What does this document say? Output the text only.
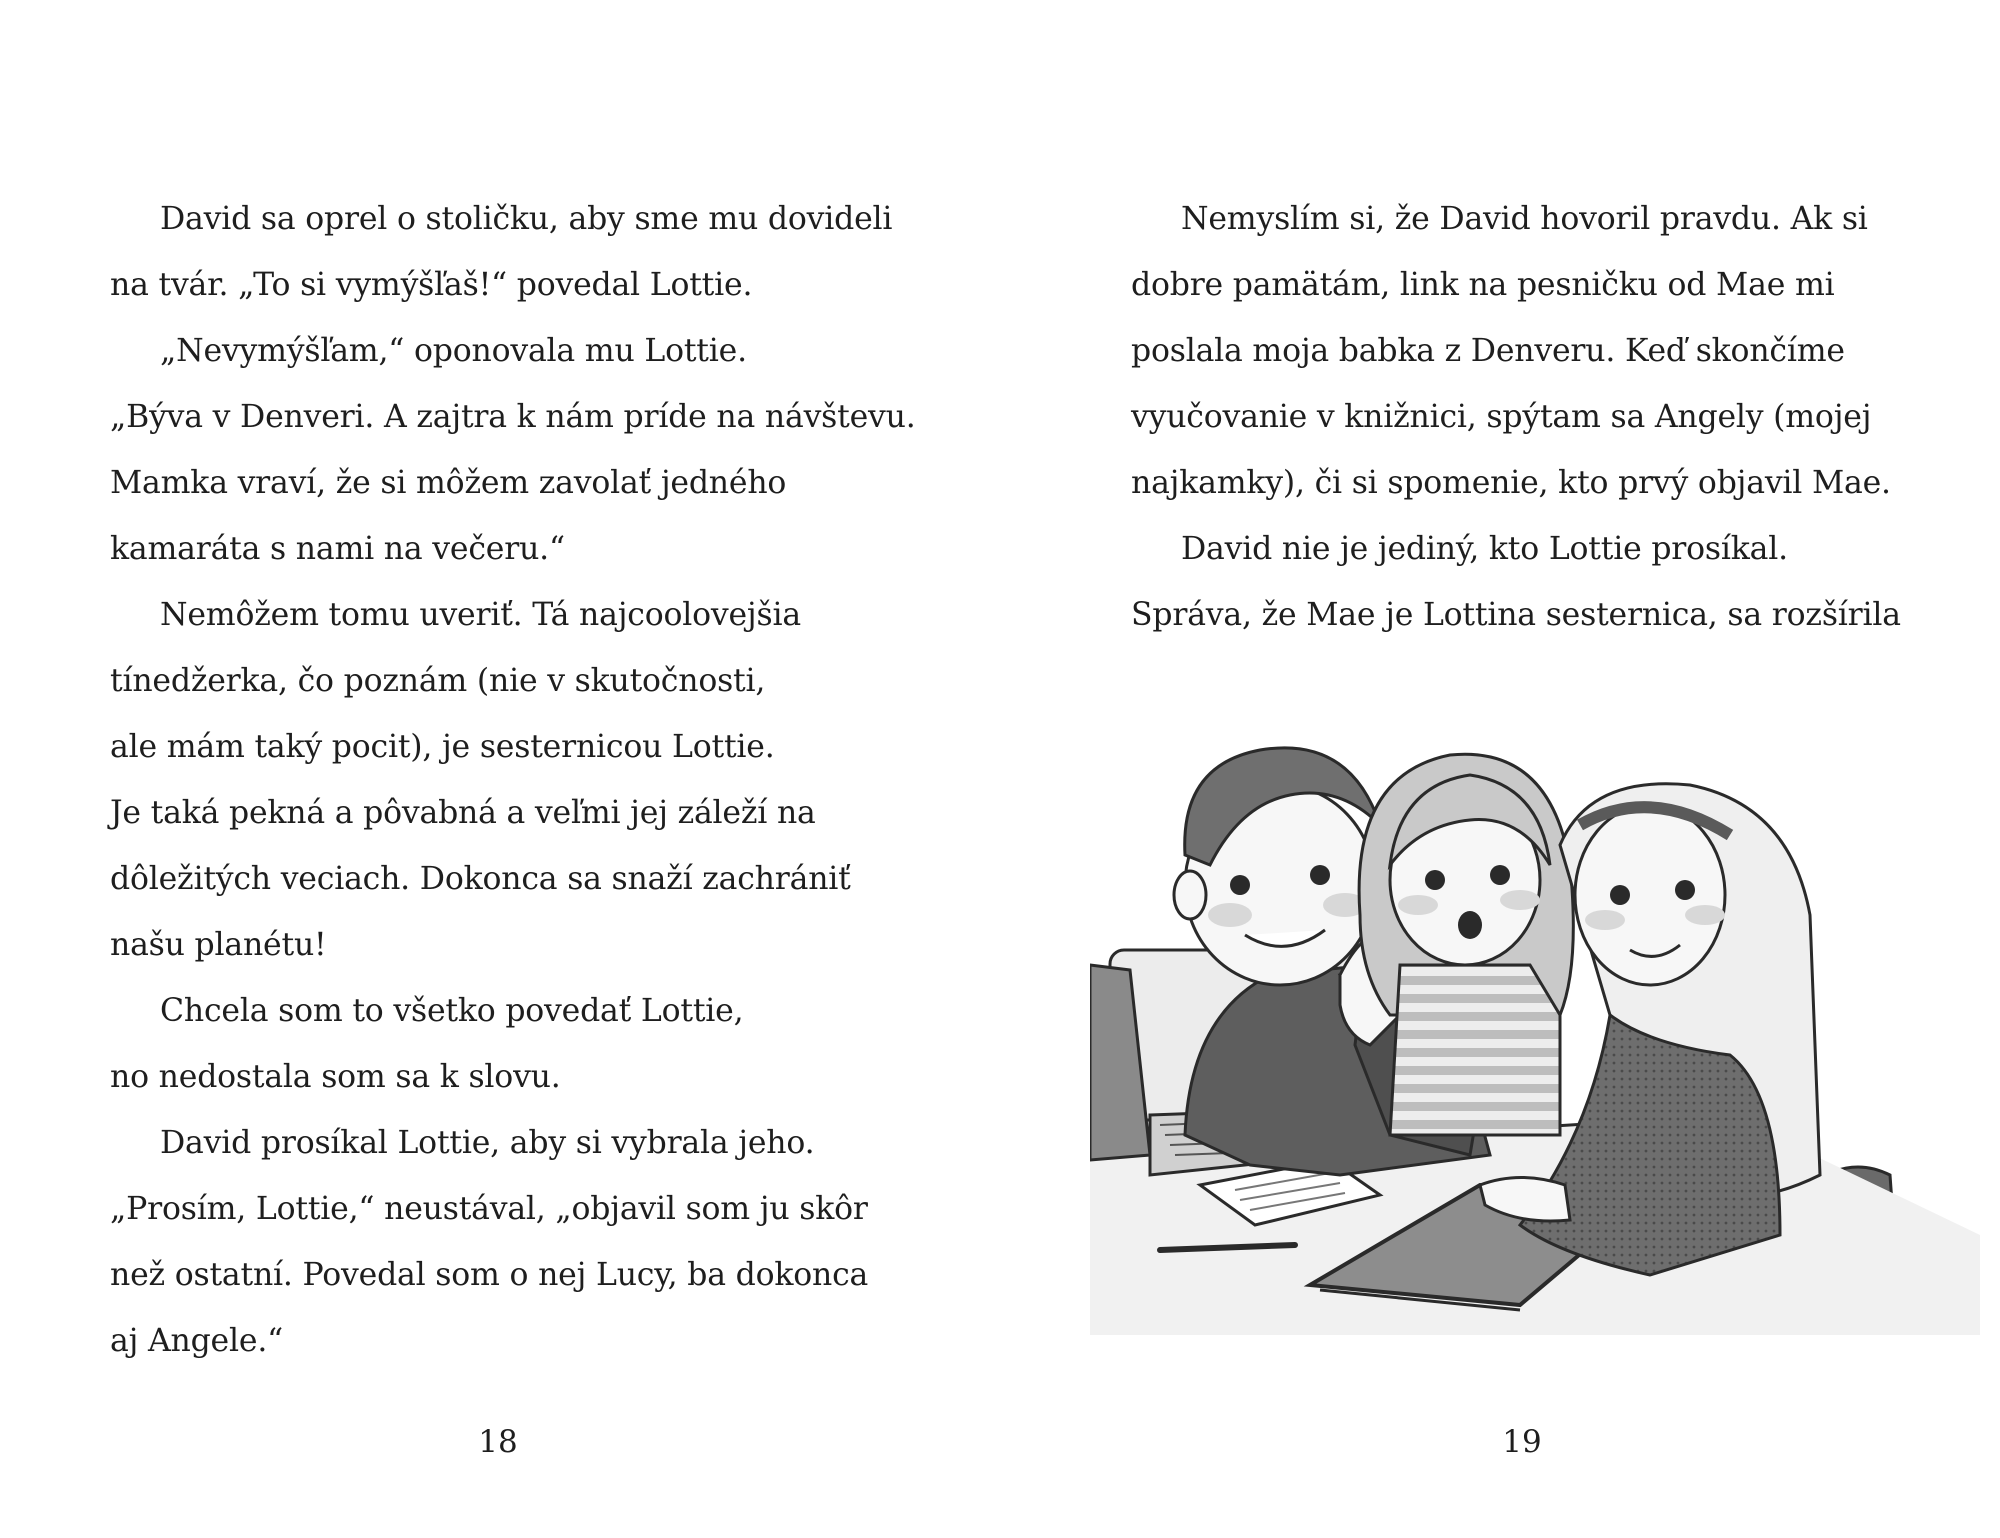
David sa oprel o stoličku, aby sme mu dovideli
na tvár. „To si vymýšľaš!“ povedal Lottie.
„Nevymýšľam,“ oponovala mu Lottie.
„Býva v Denveri. A zajtra k nám príde na návštevu.
Mamka vraví, že si môžem zavolať jedného
kamaráta s nami na večeru.“
Nemôžem tomu uveriť. Tá najcoolovejšia
tínedžerka, čo poznám (nie v skutočnosti,
ale mám taký pocit), je sesternicou Lottie.
Je taká pekná a pôvabná a veľmi jej záleží na
dôležitých veciach. Dokonca sa snaží zachrániť
našu planétu!
Chcela som to všetko povedať Lottie,
no nedostala som sa k slovu.
David prosíkal Lottie, aby si vybrala jeho.
„Prosím, Lottie,“ neustával, „objavil som ju skôr
než ostatní. Povedal som o nej Lucy, ba dokonca
aj Angele.“
18
Nemyslím si, že David hovoril pravdu. Ak si
dobre pamätám, link na pesničku od Mae mi
poslala moja babka z Denveru. Keď skončíme
vyučovanie v knižnici, spýtam sa Angely (mojej
najkamky), či si spomenie, kto prvý objavil Mae.
David nie je jediný, kto Lottie prosíkal.
Správa, že Mae je Lottina sesternica, sa rozšírila
19
